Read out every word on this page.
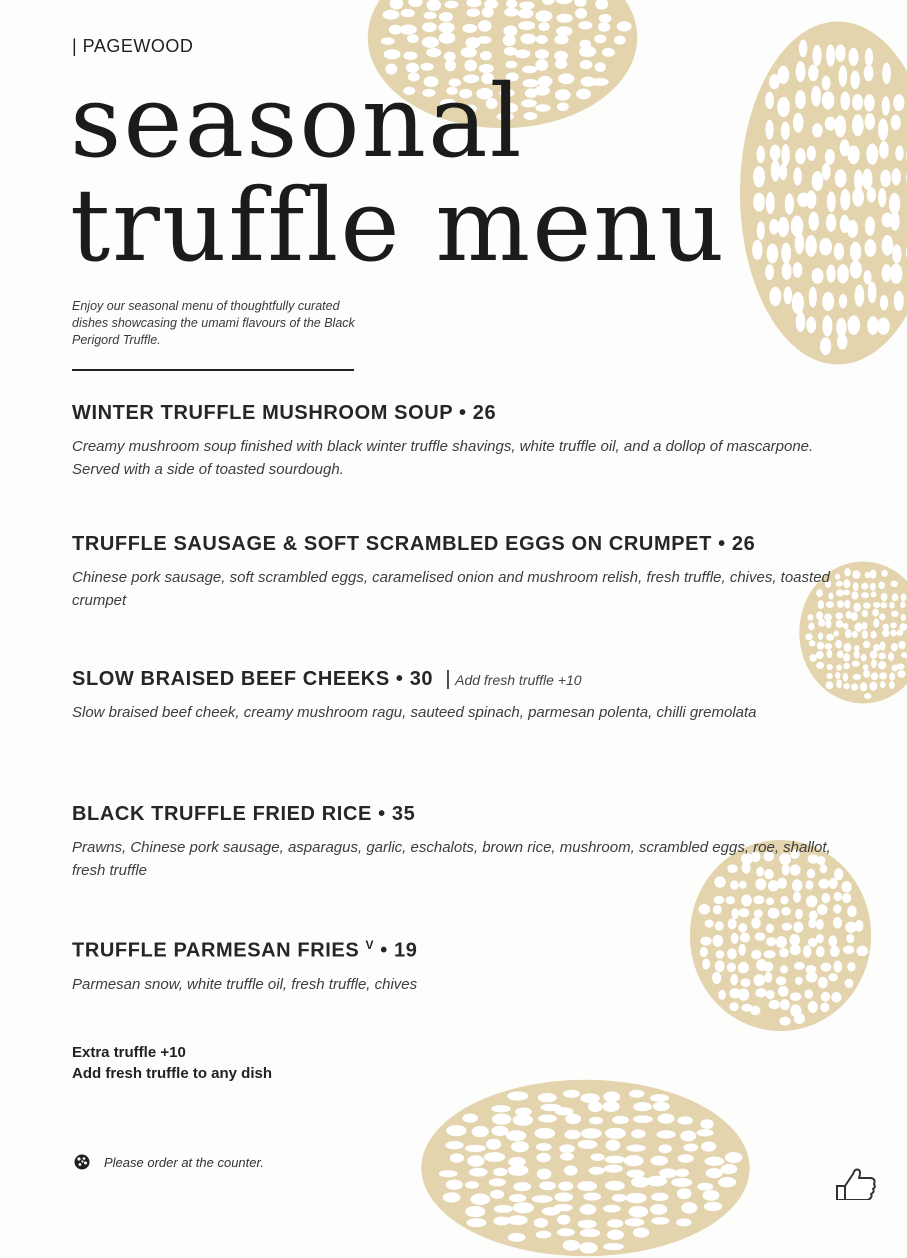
| PAGEWOOD
seasonal
truffle menu
Enjoy our seasonal menu of thoughtfully curated dishes showcasing the umami flavours of the Black Perigord Truffle.
WINTER TRUFFLE MUSHROOM SOUP • 26
Creamy mushroom soup finished with black winter truffle shavings, white truffle oil, and a dollop of mascarpone. Served with a side of toasted sourdough.
TRUFFLE SAUSAGE & SOFT SCRAMBLED EGGS ON CRUMPET • 26
Chinese pork sausage, soft scrambled eggs, caramelised onion and mushroom relish, fresh truffle, chives, toasted crumpet
SLOW BRAISED BEEF CHEEKS • 30 | Add fresh truffle +10
Slow braised beef cheek, creamy mushroom ragu, sauteed spinach, parmesan polenta, chilli gremolata
BLACK TRUFFLE FRIED RICE • 35
Prawns, Chinese pork sausage, asparagus, garlic, eschalots, brown rice, mushroom, scrambled eggs, roe, shallot, fresh truffle
TRUFFLE PARMESAN FRIES $^V$ • 19
Parmesan snow, white truffle oil, fresh truffle, chives
Extra truffle +10
Add fresh truffle to any dish
Please order at the counter.
